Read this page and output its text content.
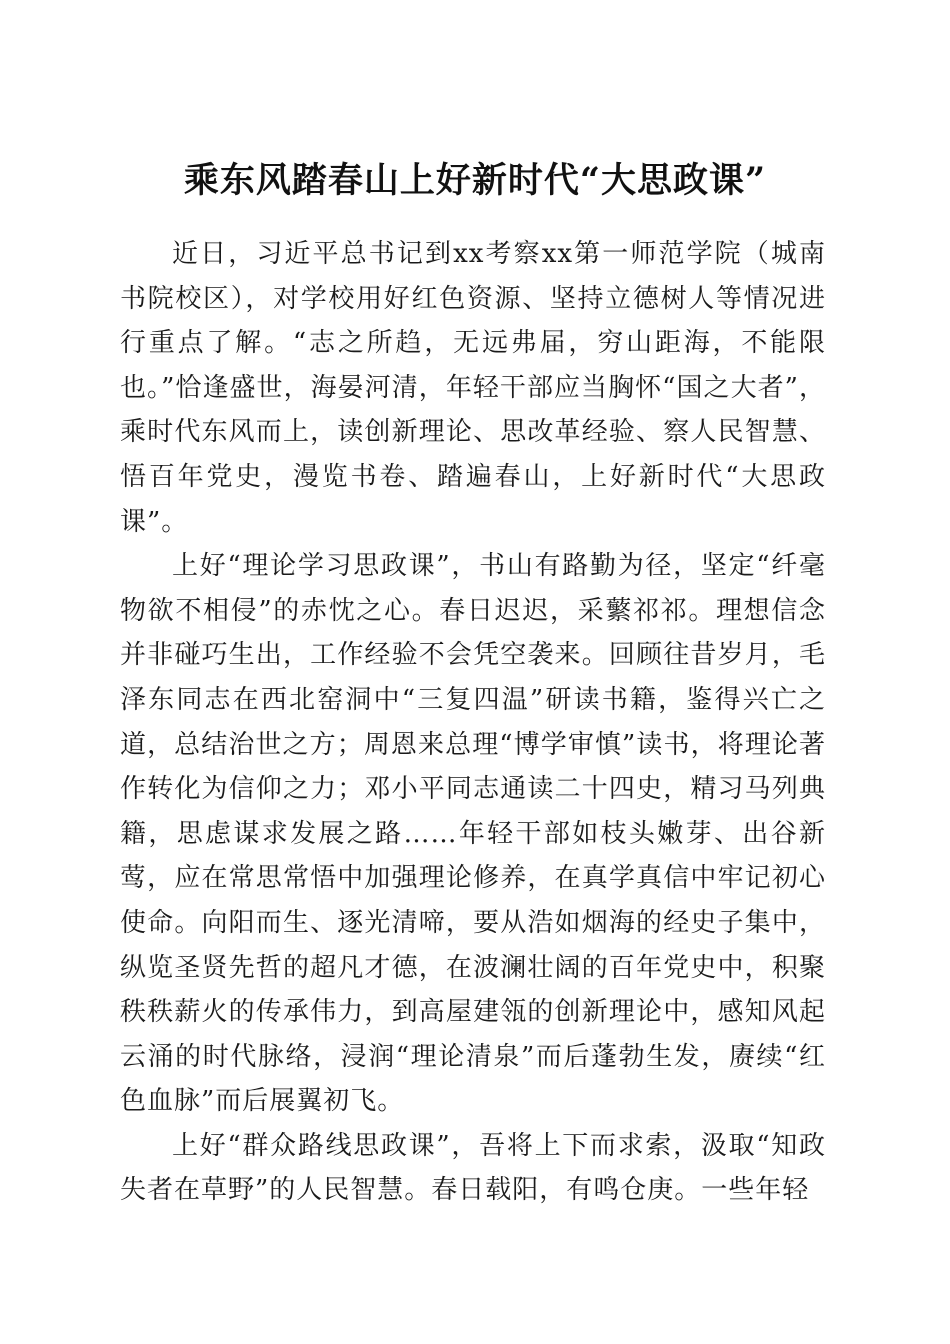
乘东风踏春山上好新时代“大思政课”

近日，习近平总书记到xx考察xx第一师范学院（城南书院校区），对学校用好红色资源、坚持立德树人等情况进行重点了解。“志之所趋，无远弗届，穷山距海，不能限也。”恰逢盛世，海晏河清，年轻干部应当胸怀“国之大者”，乘时代东风而上，读创新理论、思改革经验、察人民智慧、悟百年党史，漫览书卷、踏遍春山，上好新时代“大思政课”。

上好“理论学习思政课”，书山有路勤为径，坚定“纤毫物欲不相侵”的赤忱之心。春日迟迟，采蘩祁祁。理想信念并非碰巧生出，工作经验不会凭空袭来。回顾往昔岁月，毛泽东同志在西北窑洞中“三复四温”研读书籍，鉴得兴亡之道，总结治世之方；周恩来总理“博学审慎”读书，将理论著作转化为信仰之力；邓小平同志通读二十四史，精习马列典籍，思虑谋求发展之路……年轻干部如枝头嫩芽、出谷新莺，应在常思常悟中加强理论修养，在真学真信中牢记初心使命。向阳而生、逐光清啼，要从浩如烟海的经史子集中，纵览圣贤先哲的超凡才德，在波澜壮阔的百年党史中，积聚秩秩薪火的传承伟力，到高屋建瓴的创新理论中，感知风起云涌的时代脉络，浸润“理论清泉”而后蓬勃生发，赓续“红色血脉”而后展翼初飞。

上好“群众路线思政课”，吾将上下而求索，汲取“知政失者在草野”的人民智慧。春日载阳，有鸣仓庚。一些年轻
